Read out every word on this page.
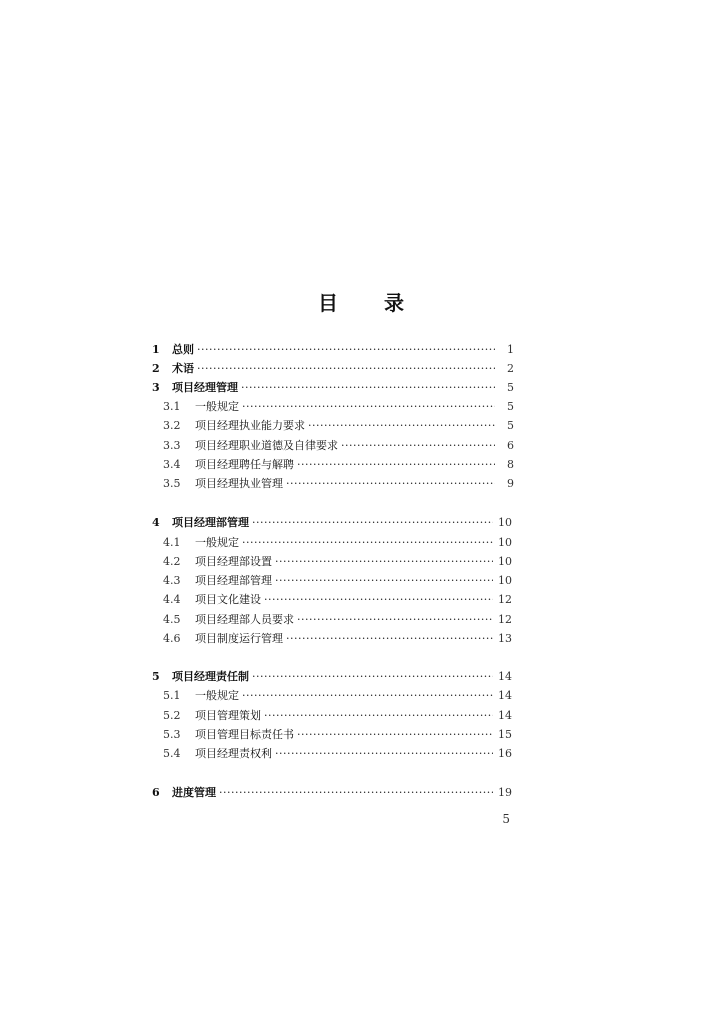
目 录
1	总则 ·····	1
2	术语 ·····	2
3	项目经理管理 ·····	5
3.1	一般规定 ·····	5
3.2	项目经理执业能力要求 ·····	5
3.3	项目经理职业道德及自律要求 ·····	6
3.4	项目经理聘任与解聘 ·····	8
3.5	项目经理执业管理 ·····	9
4	项目经理部管理 ·····	10
4.1	一般规定 ·····	10
4.2	项目经理部设置 ·····	10
4.3	项目经理部管理 ·····	10
4.4	项目文化建设 ·····	12
4.5	项目经理部人员要求 ·····	12
4.6	项目制度运行管理 ·····	13
5	项目经理责任制 ·····	14
5.1	一般规定 ·····	14
5.2	项目管理策划 ·····	14
5.3	项目管理目标责任书 ·····	15
5.4	项目经理责权利 ·····	16
6	进度管理 ·····	19
5
